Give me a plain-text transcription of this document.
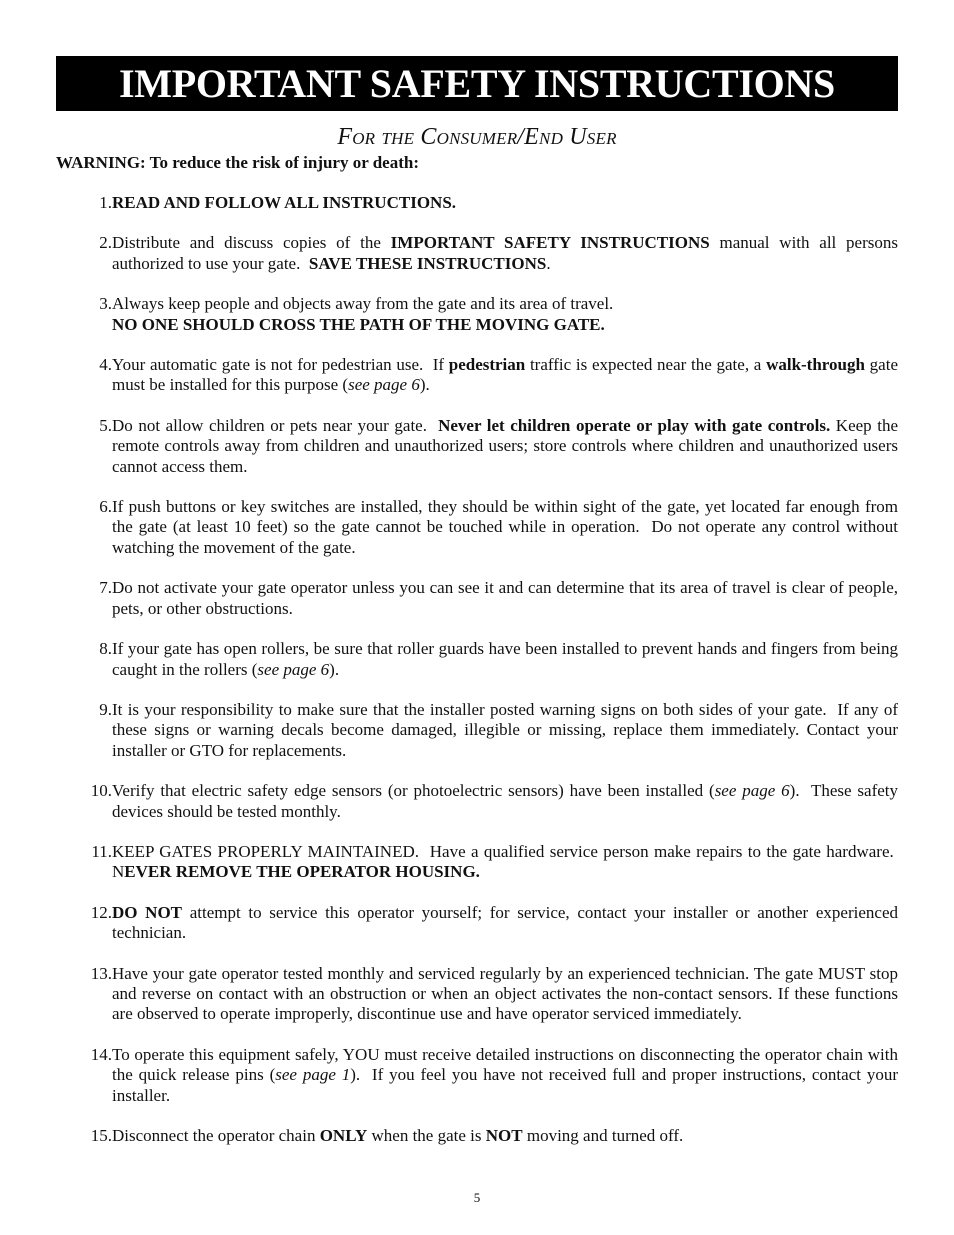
IMPORTANT SAFETY INSTRUCTIONS
For the Consumer/End User
WARNING: To reduce the risk of injury or death:
1. READ AND FOLLOW ALL INSTRUCTIONS.
2. Distribute and discuss copies of the IMPORTANT SAFETY INSTRUCTIONS manual with all persons authorized to use your gate.  SAVE THESE INSTRUCTIONS.
3. Always keep people and objects away from the gate and its area of travel.
NO ONE SHOULD CROSS THE PATH OF THE MOVING GATE.
4. Your automatic gate is not for pedestrian use.  If pedestrian traffic is expected near the gate, a walk-through gate must be installed for this purpose (see page 6).
5. Do not allow children or pets near your gate.  Never let children operate or play with gate controls. Keep the remote controls away from children and unauthorized users; store controls where children and unauthorized users cannot access them.
6. If push buttons or key switches are installed, they should be within sight of the gate, yet located far enough from the gate (at least 10 feet) so the gate cannot be touched while in operation.  Do not operate any control without watching the movement of the gate.
7. Do not activate your gate operator unless you can see it and can determine that its area of travel is clear of people, pets, or other obstructions.
8. If your gate has open rollers, be sure that roller guards have been installed to prevent hands and fingers from being caught in the rollers (see page 6).
9. It is your responsibility to make sure that the installer posted warning signs on both sides of your gate.  If any of these signs or warning decals become damaged, illegible or missing, replace them immediately. Contact your installer or GTO for replacements.
10. Verify that electric safety edge sensors (or photoelectric sensors) have been installed (see page 6).  These safety devices should be tested monthly.
11. KEEP GATES PROPERLY MAINTAINED.  Have a qualified service person make repairs to the gate hardware.  NEVER REMOVE THE OPERATOR HOUSING.
12. DO NOT attempt to service this operator yourself; for service, contact your installer or another experienced technician.
13. Have your gate operator tested monthly and serviced regularly by an experienced technician. The gate MUST stop and reverse on contact with an obstruction or when an object activates the non-contact sensors. If these functions are observed to operate improperly, discontinue use and have operator serviced immediately.
14. To operate this equipment safely, YOU must receive detailed instructions on disconnecting the operator chain with the quick release pins (see page 1).  If you feel you have not received full and proper instructions, contact your installer.
15. Disconnect the operator chain ONLY when the gate is NOT moving and turned off.
5
